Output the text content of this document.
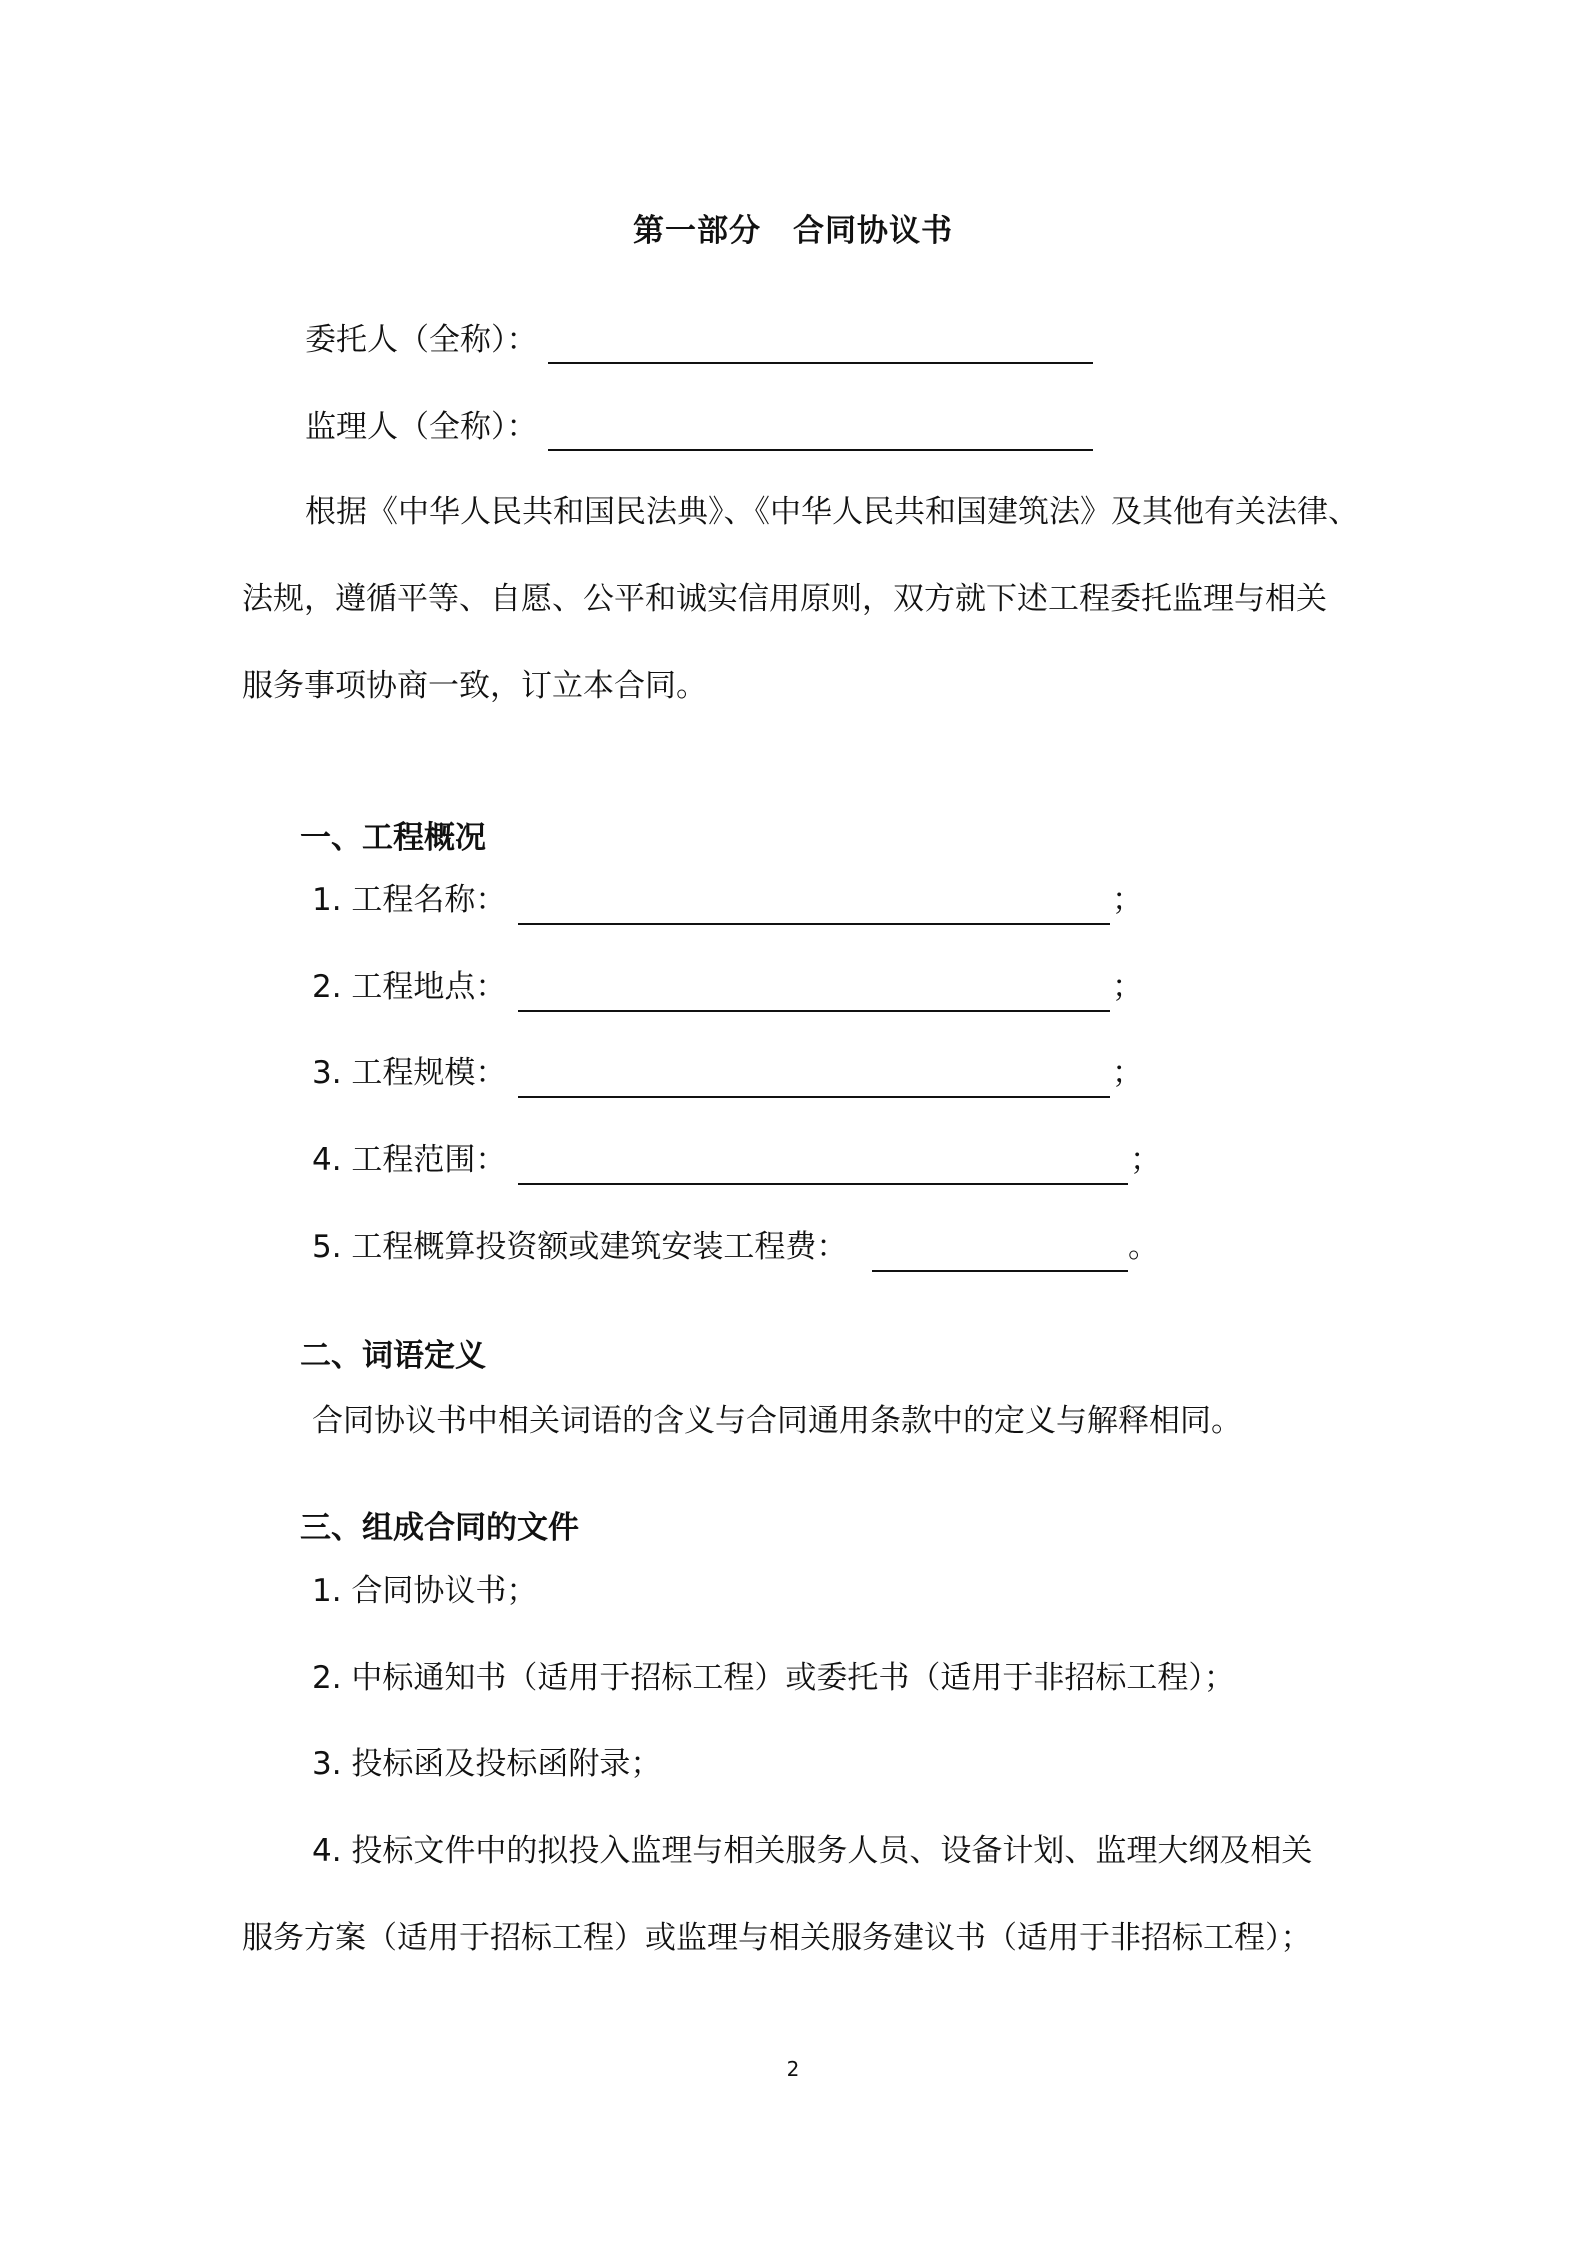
第一部分　合同协议书
委托人（全称）：
监理人（全称）：
根据《中华人民共和国民法典》、《中华人民共和国建筑法》及其他有关法律、
法规，遵循平等、自愿、公平和诚实信用原则，双方就下述工程委托监理与相关
服务事项协商一致，订立本合同。
一、工程概况
1. 工程名称：	；
2. 工程地点：	；
3. 工程规模：	；
4. 工程范围：	；
5. 工程概算投资额或建筑安装工程费：	。
二、词语定义
合同协议书中相关词语的含义与合同通用条款中的定义与解释相同。
三、组成合同的文件
1. 合同协议书；
2. 中标通知书（适用于招标工程）或委托书（适用于非招标工程）；
3. 投标函及投标函附录；
4. 投标文件中的拟投入监理与相关服务人员、设备计划、监理大纲及相关
服务方案（适用于招标工程）或监理与相关服务建议书（适用于非招标工程）；
2
